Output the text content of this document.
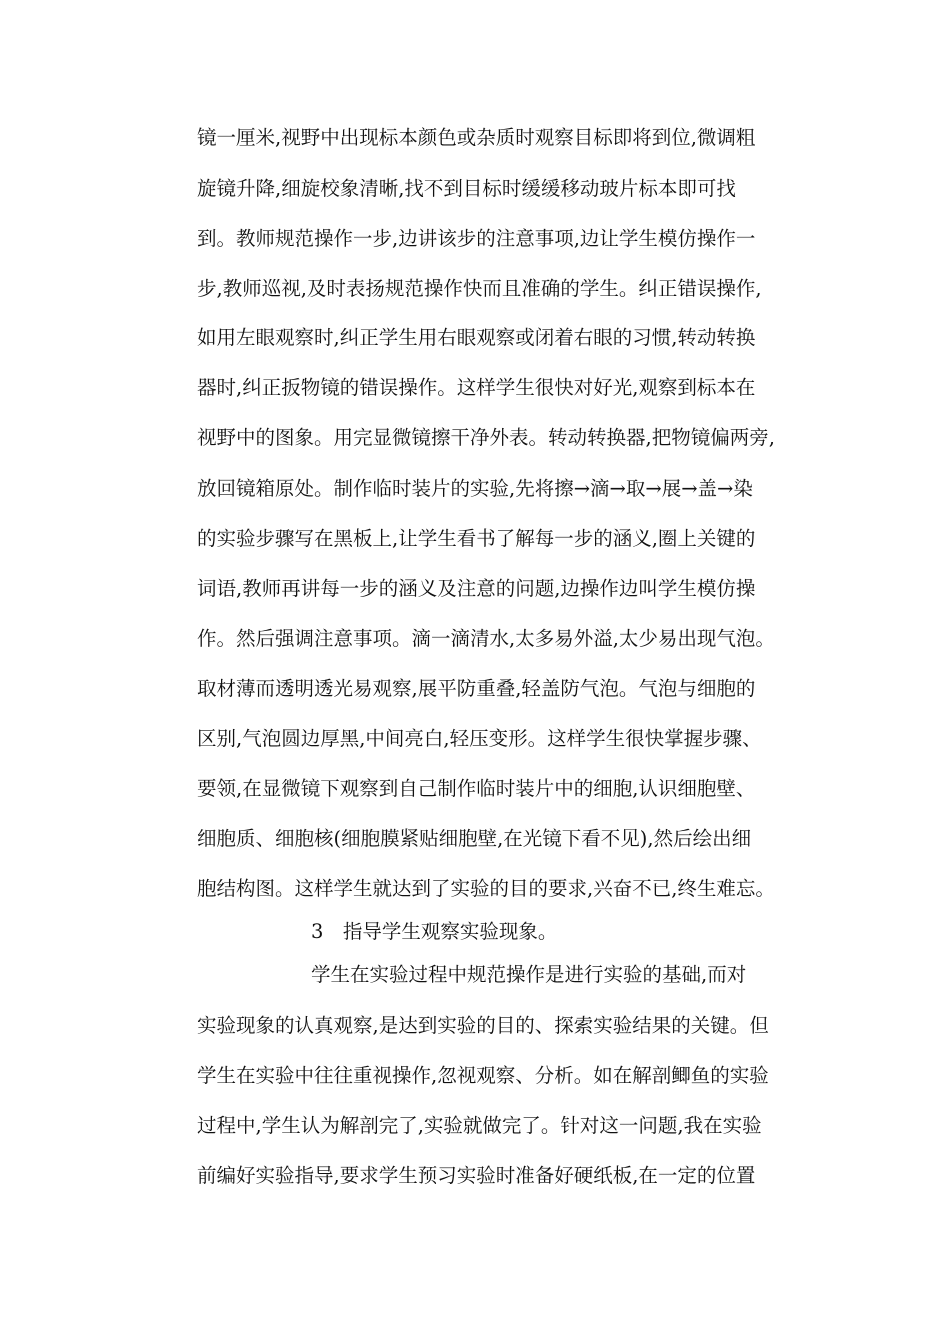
镜一厘米,视野中出现标本颜色或杂质时观察目标即将到位,微调粗
旋镜升降,细旋校象清晰,找不到目标时缓缓移动玻片标本即可找
到。教师规范操作一步,边讲该步的注意事项,边让学生模仿操作一
步,教师巡视,及时表扬规范操作快而且准确的学生。纠正错误操作,
如用左眼观察时,纠正学生用右眼观察或闭着右眼的习惯,转动转换
器时,纠正扳物镜的错误操作。这样学生很快对好光,观察到标本在
视野中的图象。用完显微镜擦干净外表。转动转换器,把物镜偏两旁,
放回镜箱原处。制作临时装片的实验,先将擦→滴→取→展→盖→染
的实验步骤写在黑板上,让学生看书了解每一步的涵义,圈上关键的
词语,教师再讲每一步的涵义及注意的问题,边操作边叫学生模仿操
作。然后强调注意事项。滴一滴清水,太多易外溢,太少易出现气泡。
取材薄而透明透光易观察,展平防重叠,轻盖防气泡。气泡与细胞的
区别,气泡圆边厚黑,中间亮白,轻压变形。这样学生很快掌握步骤、
要领,在显微镜下观察到自己制作临时装片中的细胞,认识细胞壁、
细胞质、细胞核(细胞膜紧贴细胞壁,在光镜下看不见),然后绘出细
胞结构图。这样学生就达到了实验的目的要求,兴奋不已,终生难忘。
3　指导学生观察实验现象。
学生在实验过程中规范操作是进行实验的基础,而对
实验现象的认真观察,是达到实验的目的、探索实验结果的关键。但
学生在实验中往往重视操作,忽视观察、分析。如在解剖鲫鱼的实验
过程中,学生认为解剖完了,实验就做完了。针对这一问题,我在实验
前编好实验指导,要求学生预习实验时准备好硬纸板,在一定的位置
